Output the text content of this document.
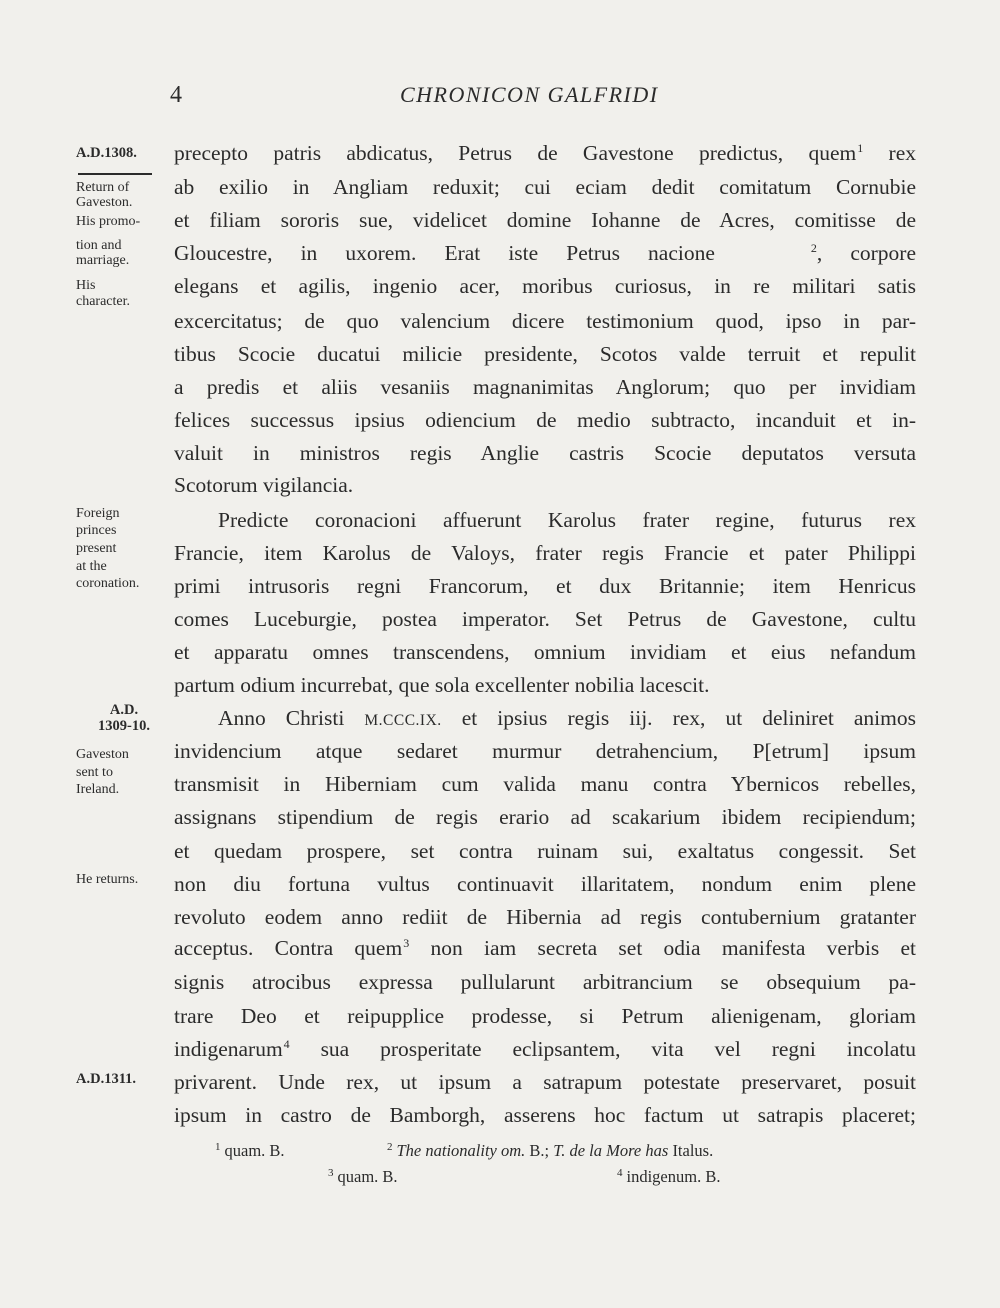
4	CHRONICON GALFRIDI
A.D.1308.
Return of
Gaveston.
His promo-
tion and
marriage.
His
character.
Foreign
princes
present
at the
coronation.
A.D.
1309-10.
Gaveston
sent to
Ireland.
He returns.
A.D.1311.
precepto patris abdicatus, Petrus de Gavestone predictus, quem$^1$ rex
ab exilio in Angliam reduxit; cui eciam dedit comitatum Cornubie
et filiam sororis sue, videlicet domine Iohanne de Acres, comitisse de
Gloucestre, in uxorem. Erat iste Petrus nacione	$^2$, corpore
elegans et agilis, ingenio acer, moribus curiosus, in re militari satis
excercitatus; de quo valencium dicere testimonium quod, ipso in par-
tibus Scocie ducatui milicie presidente, Scotos valde terruit et repulit
a predis et aliis vesaniis magnanimitas Anglorum; quo per invidiam
felices successus ipsius odiencium de medio subtracto, incanduit et in-
valuit in ministros regis Anglie castris Scocie deputatos versuta
Scotorum vigilancia.
Predicte coronacioni affuerunt Karolus frater regine, futurus rex
Francie, item Karolus de Valoys, frater regis Francie et pater Philippi
primi intrusoris regni Francorum, et dux Britannie; item Henricus
comes Luceburgie, postea imperator. Set Petrus de Gavestone, cultu
et apparatu omnes transcendens, omnium invidiam et eius nefandum
partum odium incurrebat, que sola excellenter nobilia lacescit.
Anno Christi M.CCC.IX. et ipsius regis iij. rex, ut deliniret animos
invidencium atque sedaret murmur detrahencium, P[etrum] ipsum
transmisit in Hiberniam cum valida manu contra Ybernicos rebelles,
assignans stipendium de regis erario ad scakarium ibidem recipiendum;
et quedam prospere, set contra ruinam sui, exaltatus congessit. Set
non diu fortuna vultus continuavit illaritatem, nondum enim plene
revoluto eodem anno rediit de Hibernia ad regis contubernium gratanter
acceptus. Contra quem$^3$ non iam secreta set odia manifesta verbis et
signis atrocibus expressa pullularunt arbitrancium se obsequium pa-
trare Deo et reipupplice prodesse, si Petrum alienigenam, gloriam
indigenarum$^4$ sua prosperitate eclipsantem, vita vel regni incolatu
privarent. Unde rex, ut ipsum a satrapum potestate preservaret, posuit
ipsum in castro de Bamborgh, asserens hoc factum ut satrapis placeret;
$^1$ quam. B.	$^2$ The nationality om. B.; T. de la More has Italus.
$^3$ quam. B.	$^4$ indigenum. B.
